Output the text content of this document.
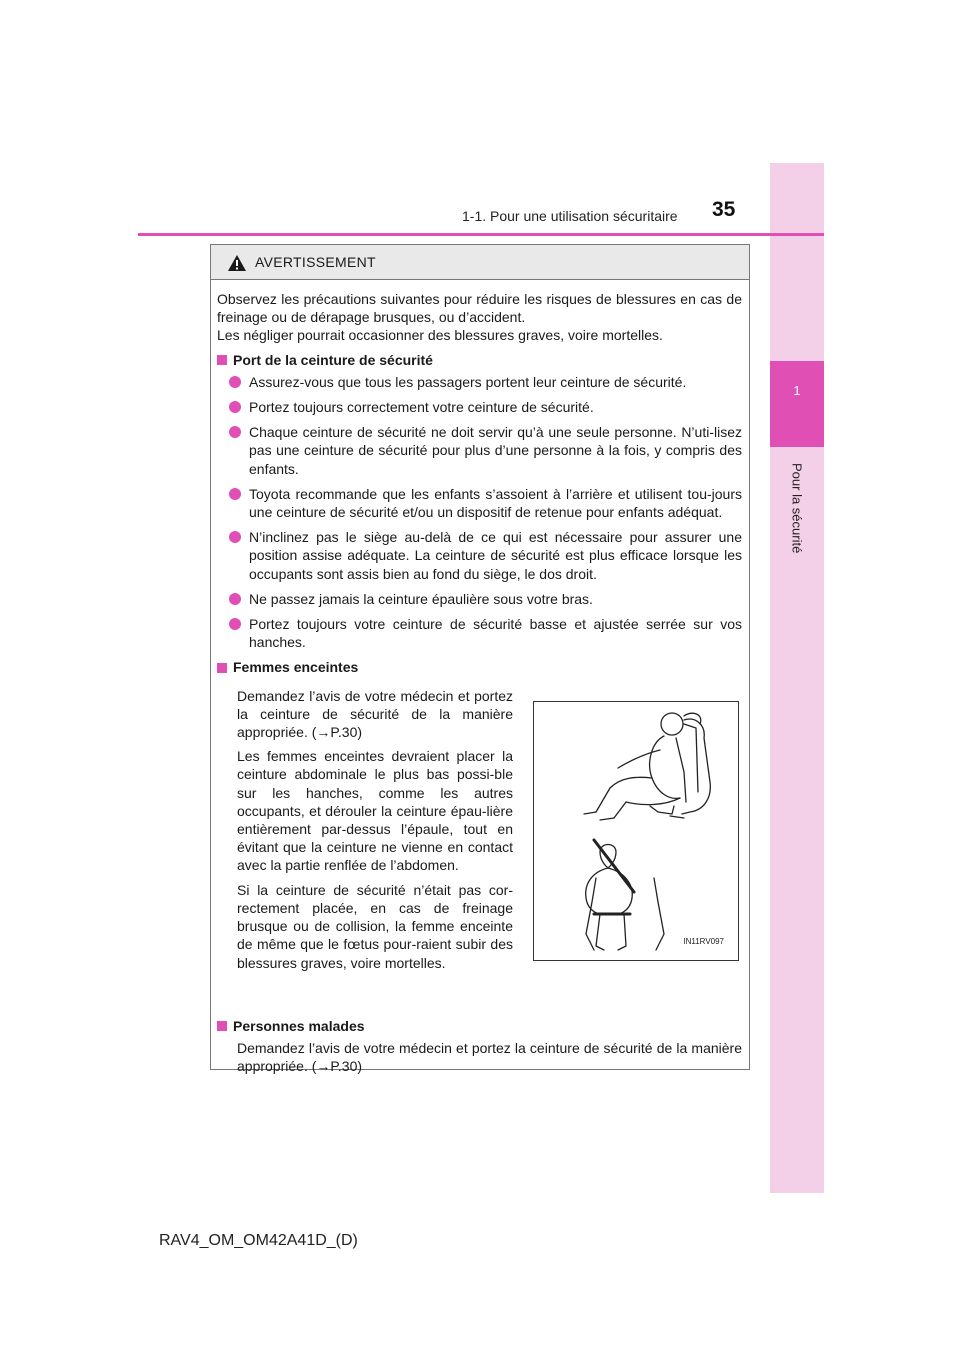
1
Pour la sécurité
1-1. Pour une utilisation sécuritaire 35
AVERTISSEMENT

Observez les précautions suivantes pour réduire les risques de blessures en cas de freinage ou de dérapage brusques, ou d’accident.

Les négliger pourrait occasionner des blessures graves, voire mortelles.

Port de la ceinture de sécurité
Assurez-vous que tous les passagers portent leur ceinture de sécurité.
Portez toujours correctement votre ceinture de sécurité.
Chaque ceinture de sécurité ne doit servir qu’à une seule personne. N’uti-lisez pas une ceinture de sécurité pour plus d’une personne à la fois, y compris des enfants.
Toyota recommande que les enfants s’assoient à l’arrière et utilisent tou-jours une ceinture de sécurité et/ou un dispositif de retenue pour enfants adéquat.
N’inclinez pas le siège au-delà de ce qui est nécessaire pour assurer une position assise adéquate. La ceinture de sécurité est plus efficace lorsque les occupants sont assis bien au fond du siège, le dos droit.
Ne passez jamais la ceinture épaulière sous votre bras.
Portez toujours votre ceinture de sécurité basse et ajustée serrée sur vos hanches.
Femmes enceintes

Demandez l’avis de votre médecin et portez la ceinture de sécurité de la manière appropriée. (→P.30)

Les femmes enceintes devraient placer la ceinture abdominale le plus bas possi-ble sur les hanches, comme les autres occupants, et dérouler la ceinture épau-lière entièrement par-dessus l’épaule, tout en évitant que la ceinture ne vienne en contact avec la partie renflée de l’abdomen.

Si la ceinture de sécurité n’était pas cor-rectement placée, en cas de freinage brusque ou de collision, la femme enceinte de même que le fœtus pour-raient subir des blessures graves, voire mortelles.

IN11RV097
Personnes malades
Demandez l’avis de votre médecin et portez la ceinture de sécurité de la manière appropriée. (→P.30)
RAV4_OM_OM42A41D_(D)
